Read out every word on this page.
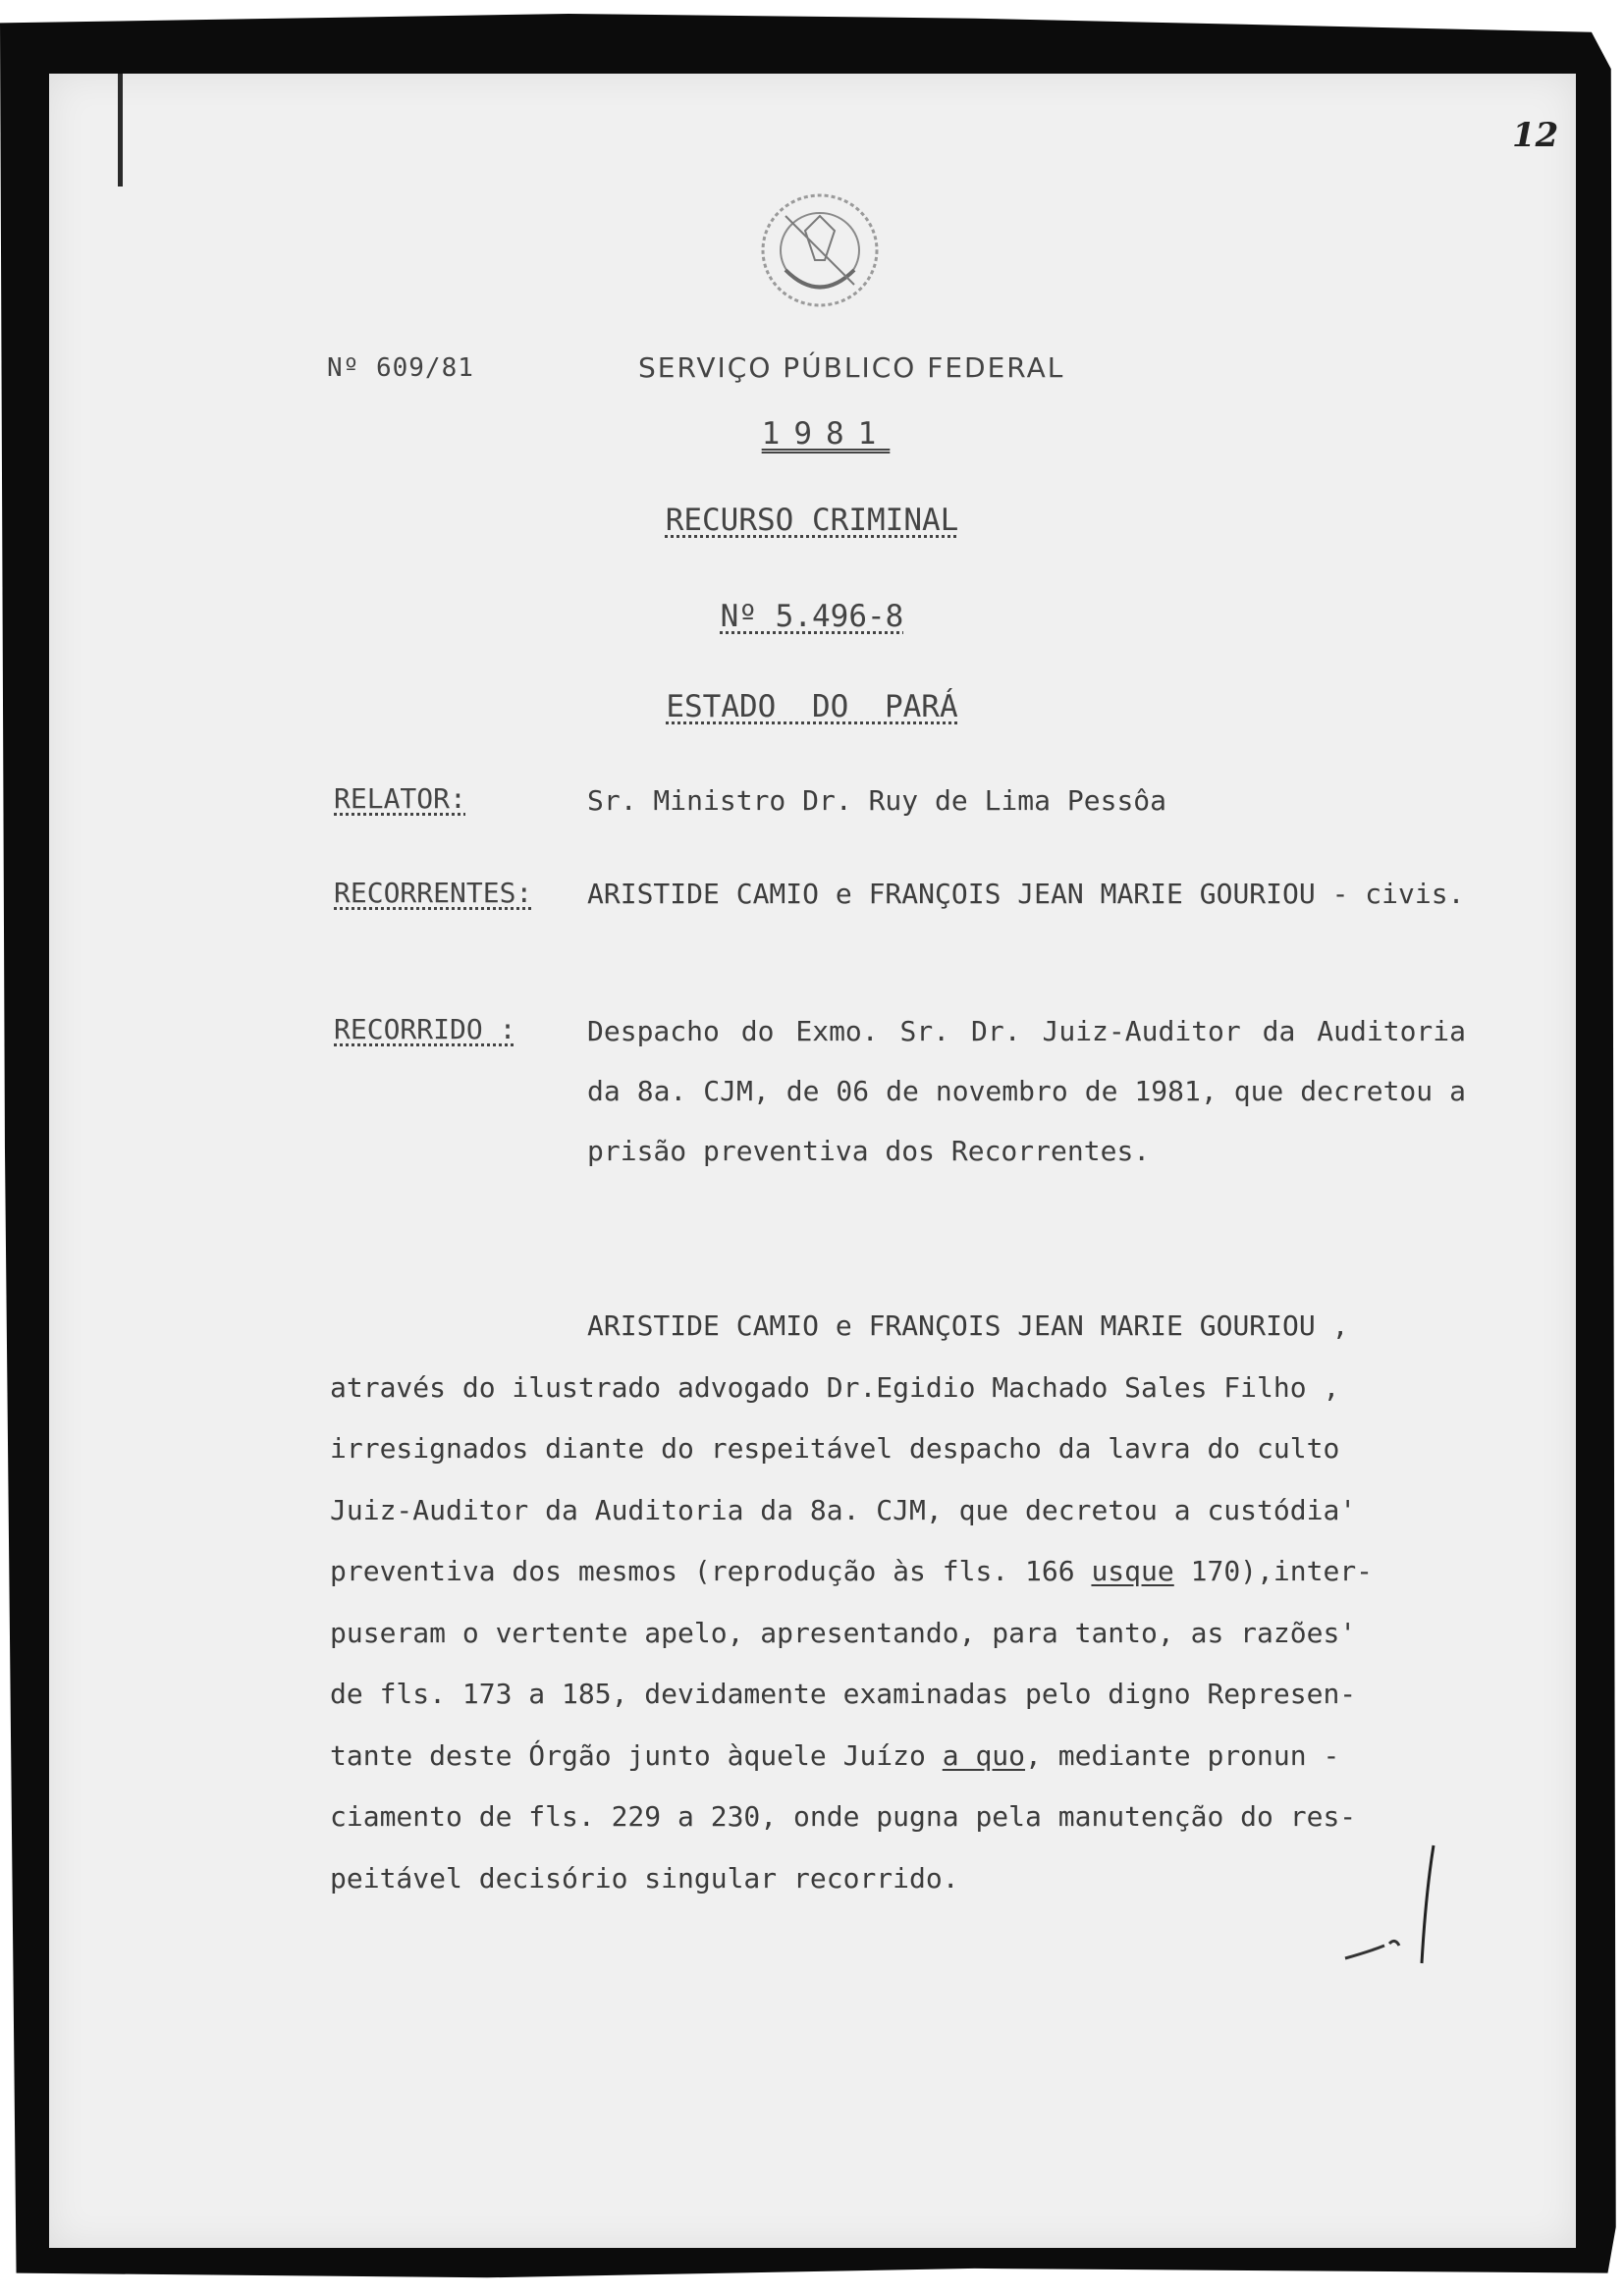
12
Nº 609/81	SERVIÇO PÚBLICO FEDERAL
1981
RECURSO CRIMINAL
Nº 5.496-8
ESTADO DO PARÁ
RELATOR:	Sr. Ministro Dr. Ruy de Lima Pessôa
RECORRENTES: ARISTIDE CAMIO e FRANÇOIS JEAN MARIE GOURIOU - civis.
RECORRIDO :	Despacho do Exmo. Sr. Dr. Juiz-Auditor da Auditoria da 8a. CJM, de 06 de novembro de 1981, que decretou a prisão preventiva dos Recorrentes.
ARISTIDE CAMIO e FRANÇOIS JEAN MARIE GOURIOU ,
através do ilustrado advogado Dr.Egidio Machado Sales Filho ,
irresignados diante do respeitável despacho da lavra do culto
Juiz-Auditor da Auditoria da 8a. CJM, que decretou a custódia'
preventiva dos mesmos (reprodução às fls. 166 usque 170),inter-
puseram o vertente apelo, apresentando, para tanto, as razões'
de fls. 173 a 185, devidamente examinadas pelo digno Represen-
tante deste Órgão junto àquele Juízo a quo, mediante pronun -
ciamento de fls. 229 a 230, onde pugna pela manutenção do res-
peitável decisório singular recorrido.
